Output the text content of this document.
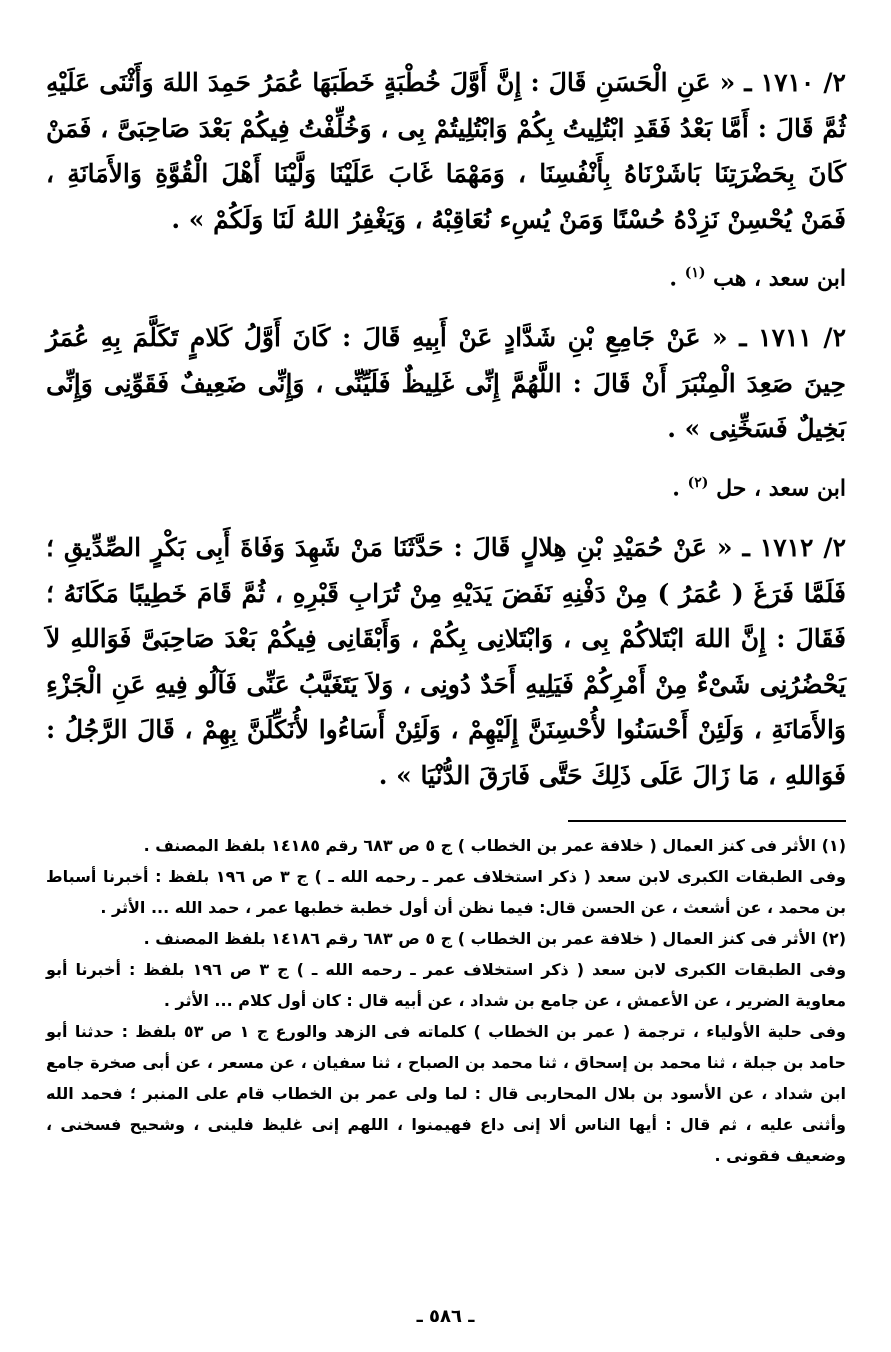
٢/ ١٧١٠ ـ « عَنِ الْحَسَنِ قَالَ : إِنَّ أَوَّلَ خُطْبَةٍ خَطَبَهَا عُمَرُ حَمِدَ اللهَ وَأَثْنَى عَلَيْهِ ثُمَّ قَالَ : أَمَّا بَعْدُ فَقَدِ ابْتُلِيتُ بِكُمْ وَابْتُلِيتُمْ بِى ، وَخُلِّفْتُ فِيكُمْ بَعْدَ صَاحِبَىَّ ، فَمَنْ كَانَ بِحَضْرَتِنَا بَاشَرْنَاهُ بِأَنْفُسِنَا ، وَمَهْمَا غَابَ عَلَيْنَا وَلَّيْنَا أَهْلَ الْقُوَّةِ وَالأَمَانَةِ ، فَمَنْ يُحْسِنْ نَزِدْهُ حُسْنًا وَمَنْ يُسِء نُعَاقِبْهُ ، وَيَغْفِرُ اللهُ لَنَا وَلَكُمْ » .

ابن سعد ، هب $^{(١)}$ .

٢/ ١٧١١ ـ « عَنْ جَامِعِ بْنِ شَدَّادٍ عَنْ أَبِيهِ قَالَ : كَانَ أَوَّلُ كَلامٍ تَكَلَّمَ بِهِ عُمَرُ حِينَ صَعِدَ الْمِنْبَرَ أَنْ قَالَ : اللَّهُمَّ إِنِّى غَلِيظٌ فَلَيِّنِّى ، وَإِنِّى ضَعِيفٌ فَقَوِّنِى وَإِنِّى بَخِيلٌ فَسَخِّنِى » .

ابن سعد ، حل $^{(٢)}$ .

٢/ ١٧١٢ ـ « عَنْ حُمَيْدِ بْنِ هِلالٍ قَالَ : حَدَّثَنَا مَنْ شَهِدَ وَفَاةَ أَبِى بَكْرٍ الصِّدِّيقِ ؛ فَلَمَّا فَرَغَ ( عُمَرُ ) مِنْ دَفْنِهِ نَفَضَ يَدَيْهِ مِنْ تُرَابِ قَبْرِهِ ، ثُمَّ قَامَ خَطِيبًا مَكَانَهُ ؛ فَقَالَ : إِنَّ اللهَ ابْتَلاكُمْ بِى ، وَابْتَلانِى بِكُمْ ، وَأَبْقَانِى فِيكُمْ بَعْدَ صَاحِبَىَّ فَوَاللهِ لاَ يَحْضُرُنِى شَىْءٌ مِنْ أَمْرِكُمْ فَيَلِيهِ أَحَدٌ دُونِى ، وَلاَ يَتَغَيَّبُ عَنِّى فَآلُو فِيهِ عَنِ الْجَزْءِ وَالأَمَانَةِ ، وَلَئِنْ أَحْسَنُوا لأُحْسِنَنَّ إِلَيْهِمْ ، وَلَئِنْ أَسَاءُوا لأُنَكِّلَنَّ بِهِمْ ، قَالَ الرَّجُلُ : فَوَاللهِ ، مَا زَالَ عَلَى ذَلِكَ حَتَّى فَارَقَ الدُّنْيَا » .

(١) الأثر فى كنز العمال ( خلافة عمر بن الخطاب ) ج ٥ ص ٦٨٣ رقم ١٤١٨٥ بلفظ المصنف .

وفى الطبقات الكبرى لابن سعد ( ذكر استخلاف عمر ـ رحمه الله ـ ) ج ٣ ص ١٩٦ بلفظ : أخبرنا أسباط بن محمد ، عن أشعث ، عن الحسن قال: فيما نظن أن أول خطبة خطبها عمر ، حمد الله ... الأثر .

(٢) الأثر فى كنز العمال ( خلافة عمر بن الخطاب ) ج ٥ ص ٦٨٣ رقم ١٤١٨٦ بلفظ المصنف .

وفى الطبقات الكبرى لابن سعد ( ذكر استخلاف عمر ـ رحمه الله ـ ) ج ٣ ص ١٩٦ بلفظ : أخبرنا أبو معاوية الضرير ، عن الأعمش ، عن جامع بن شداد ، عن أبيه قال : كان أول كلام ... الأثر .

وفى حلية الأولياء ، ترجمة ( عمر بن الخطاب ) كلماته فى الزهد والورع ج ١ ص ٥٣ بلفظ : حدثنا أبو حامد بن جبلة ، ثنا محمد بن إسحاق ، ثنا محمد بن الصباح ، ثنا سفيان ، عن مسعر ، عن أبى صخرة جامع ابن شداد ، عن الأسود بن بلال المحاربى قال : لما ولى عمر بن الخطاب قام على المنبر ؛ فحمد الله وأثنى عليه ، ثم قال : أيها الناس ألا إنى داع فهيمنوا ، اللهم إنى غليظ فلينى ، وشحيح فسخنى ، وضعيف فقونى .

ـ ٥٨٦ ـ
